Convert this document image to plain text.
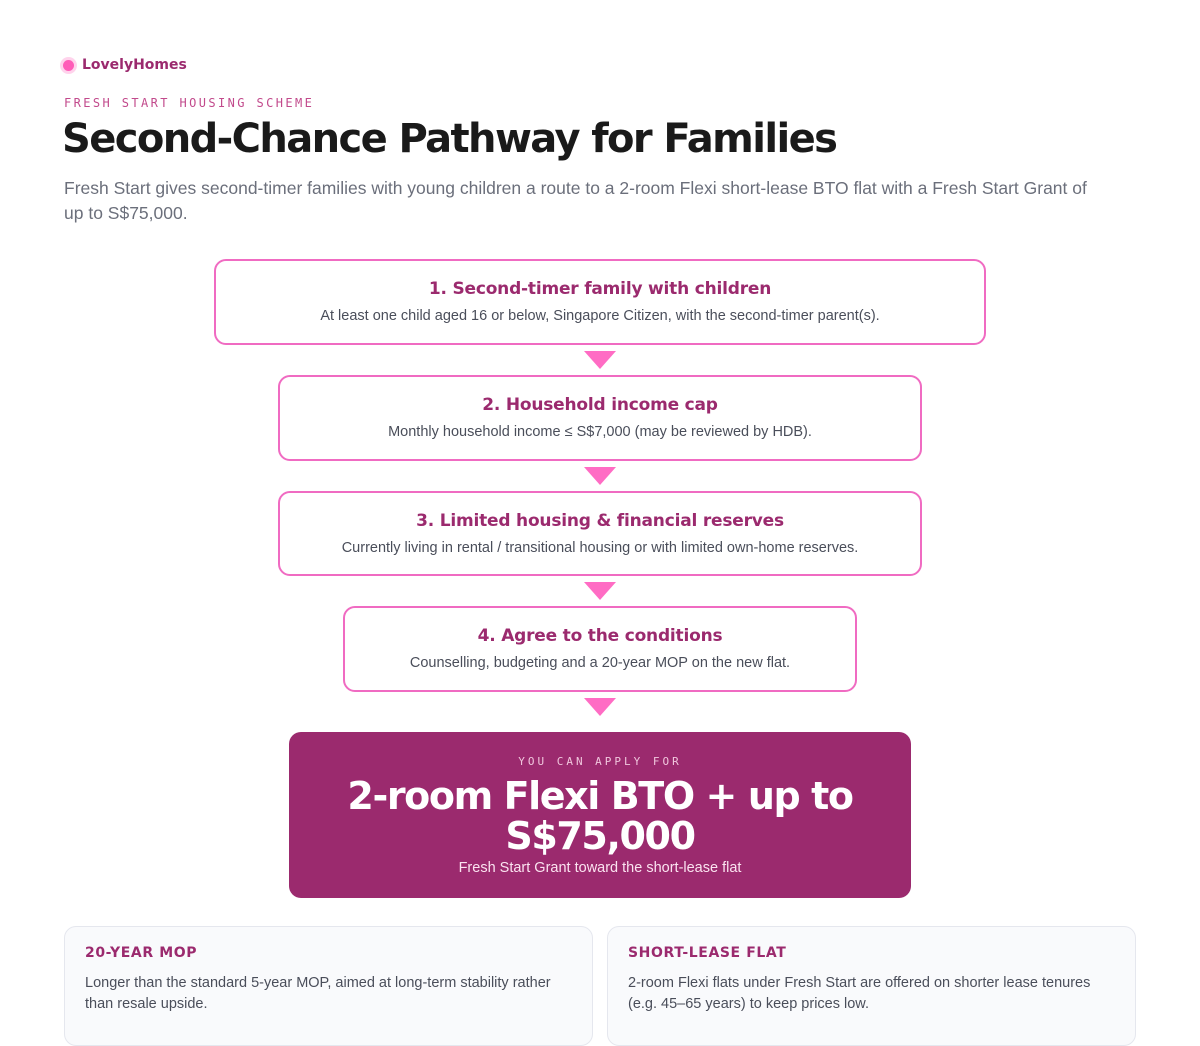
LovelyHomes
FRESH START HOUSING SCHEME
Second-Chance Pathway for Families

Fresh Start gives second-timer families with young children a route to a 2-room Flexi short-lease BTO flat with a Fresh Start Grant of up to S$75,000.

1. Second-timer family with children
At least one child aged 16 or below, Singapore Citizen, with the second-timer parent(s).
2. Household income cap
Monthly household income ≤ S$7,000 (may be reviewed by HDB).
3. Limited housing & financial reserves
Currently living in rental / transitional housing or with limited own-home reserves.
4. Agree to the conditions
Counselling, budgeting and a 20-year MOP on the new flat.
YOU CAN APPLY FOR
2-room Flexi BTO + up to S$75,000
Fresh Start Grant toward the short-lease flat
20-YEAR MOP
Longer than the standard 5-year MOP, aimed at long-term stability rather than resale upside.
SHORT-LEASE FLAT
2-room Flexi flats under Fresh Start are offered on shorter lease tenures (e.g. 45–65 years) to keep prices low.
